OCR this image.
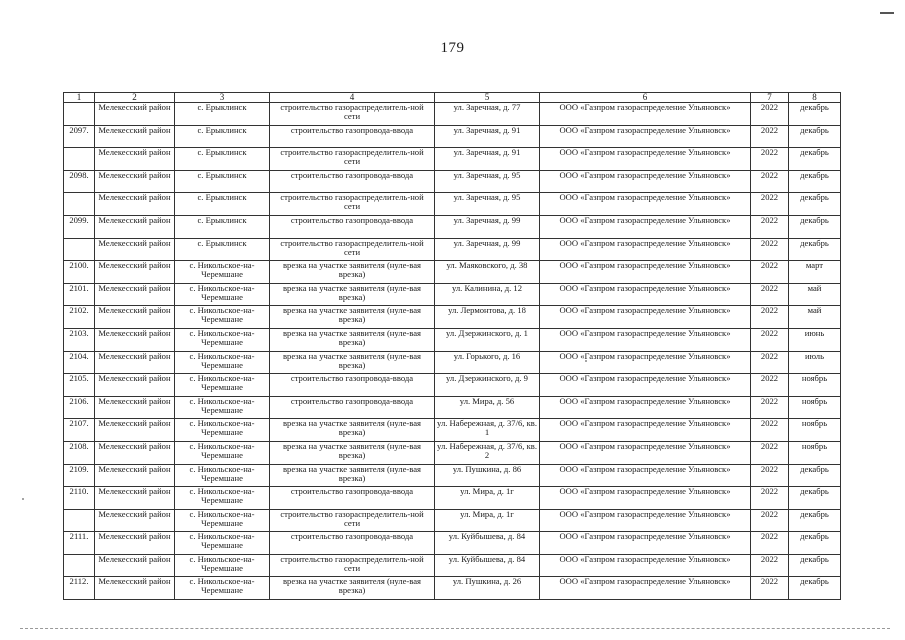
179
1	2	3	4	5	6	7	8
	Мелекесский район	с. Ерыклинск	строительство газораспределитель-ной сети	ул. Заречная, д. 77	ООО «Газпром газораспределение Ульяновск»	2022	декабрь
2097.	Мелекесский район	с. Ерыклинск	строительство газопровода-ввода	ул. Заречная, д. 91	ООО «Газпром газораспределение Ульяновск»	2022	декабрь
	Мелекесский район	с. Ерыклинск	строительство газораспределитель-ной сети	ул. Заречная, д. 91	ООО «Газпром газораспределение Ульяновск»	2022	декабрь
2098.	Мелекесский район	с. Ерыклинск	строительство газопровода-ввода	ул. Заречная, д. 95	ООО «Газпром газораспределение Ульяновск»	2022	декабрь
	Мелекесский район	с. Ерыклинск	строительство газораспределитель-ной сети	ул. Заречная, д. 95	ООО «Газпром газораспределение Ульяновск»	2022	декабрь
2099.	Мелекесский район	с. Ерыклинск	строительство газопровода-ввода	ул. Заречная, д. 99	ООО «Газпром газораспределение Ульяновск»	2022	декабрь
	Мелекесский район	с. Ерыклинск	строительство газораспределитель-ной сети	ул. Заречная, д. 99	ООО «Газпром газораспределение Ульяновск»	2022	декабрь
2100.	Мелекесский район	с. Никольское-на-Черемшане	врезка на участке заявителя (нуле-вая врезка)	ул. Маяковского, д. 38	ООО «Газпром газораспределение Ульяновск»	2022	март
2101.	Мелекесский район	с. Никольское-на-Черемшане	врезка на участке заявителя (нуле-вая врезка)	ул. Калинина, д. 12	ООО «Газпром газораспределение Ульяновск»	2022	май
2102.	Мелекесский район	с. Никольское-на-Черемшане	врезка на участке заявителя (нуле-вая врезка)	ул. Лермонтова, д. 18	ООО «Газпром газораспределение Ульяновск»	2022	май
2103.	Мелекесский район	с. Никольское-на-Черемшане	врезка на участке заявителя (нуле-вая врезка)	ул. Дзержинского, д. 1	ООО «Газпром газораспределение Ульяновск»	2022	июнь
2104.	Мелекесский район	с. Никольское-на-Черемшане	врезка на участке заявителя (нуле-вая врезка)	ул. Горького, д. 16	ООО «Газпром газораспределение Ульяновск»	2022	июль
2105.	Мелекесский район	с. Никольское-на-Черемшане	строительство газопровода-ввода	ул. Дзержинского, д. 9	ООО «Газпром газораспределение Ульяновск»	2022	ноябрь
2106.	Мелекесский район	с. Никольское-на-Черемшане	строительство газопровода-ввода	ул. Мира, д. 56	ООО «Газпром газораспределение Ульяновск»	2022	ноябрь
2107.	Мелекесский район	с. Никольское-на-Черемшане	врезка на участке заявителя (нуле-вая врезка)	ул. Набережная, д. 37/6, кв. 1	ООО «Газпром газораспределение Ульяновск»	2022	ноябрь
2108.	Мелекесский район	с. Никольское-на-Черемшане	врезка на участке заявителя (нуле-вая врезка)	ул. Набережная, д. 37/6, кв. 2	ООО «Газпром газораспределение Ульяновск»	2022	ноябрь
2109.	Мелекесский район	с. Никольское-на-Черемшане	врезка на участке заявителя (нуле-вая врезка)	ул. Пушкина, д. 86	ООО «Газпром газораспределение Ульяновск»	2022	декабрь
2110.	Мелекесский район	с. Никольское-на-Черемшане	строительство газопровода-ввода	ул. Мира, д. 1г	ООО «Газпром газораспределение Ульяновск»	2022	декабрь
	Мелекесский район	с. Никольское-на-Черемшане	строительство газораспределитель-ной сети	ул. Мира, д. 1г	ООО «Газпром газораспределение Ульяновск»	2022	декабрь
2111.	Мелекесский район	с. Никольское-на-Черемшане	строительство газопровода-ввода	ул. Куйбышева, д. 84	ООО «Газпром газораспределение Ульяновск»	2022	декабрь
	Мелекесский район	с. Никольское-на-Черемшане	строительство газораспределитель-ной сети	ул. Куйбышева, д. 84	ООО «Газпром газораспределение Ульяновск»	2022	декабрь
2112.	Мелекесский район	с. Никольское-на-Черемшане	врезка на участке заявителя (нуле-вая врезка)	ул. Пушкина, д. 26	ООО «Газпром газораспределение Ульяновск»	2022	декабрь
